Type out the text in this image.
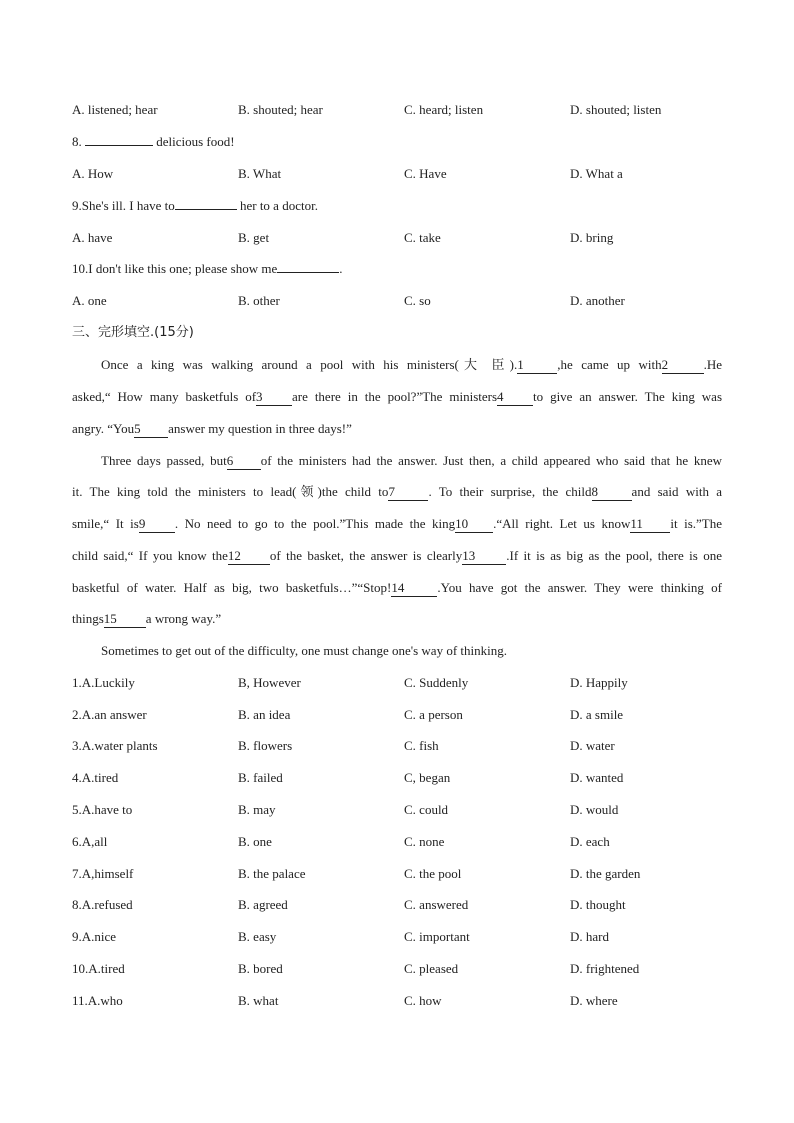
A. listened; hear	B. shouted; hear	C. heard; listen	D. shouted; listen
8.	delicious food!
A. How	B. What	C. Have	D. What a
9.She's ill. I have to	her to a doctor.
A. have	B. get	C. take	D. bring
10.I don't like this one; please show me	.
A. one	B. other	C. so	D. another
三、完形填空.(15分)
Once a king was walking around a pool with his ministers(大 臣).1	,he came up with2	.He
asked,“ How many basketfuls of3 are there in the pool?”The ministers4 to give an answer. The king was
angry. “You5 answer my question in three days!”
Three days passed, but6 of the ministers had the answer. Just then, a child appeared who said that he knew
it. The king told the ministers to lead(领)the child to7	. To their surprise, the child8	and said with a
smile,“ It is9 . No need to go to the pool.”This made the king10 .“All right. Let us know11 it is.”The
child said,“ If you know the12 of the basket, the answer is clearly13 .If it is as big as the pool, there is one
basketful of water. Half as big, two basketfuls…”“Stop!14	.You have got the answer. They were thinking of
things15 a wrong way.”
Sometimes to get out of the difficulty, one must change one's way of thinking.
1.A.Luckily	B, However	C. Suddenly	D. Happily
2.A.an answer	B. an idea	C. a person	D. a smile
3.A.water plants	B. flowers	C. fish	D. water
4.A.tired	B. failed	C, began	D. wanted
5.A.have to	B. may	C. could	D. would
6.A,all	B. one	C. none	D. each
7.A,himself	B. the palace	C. the pool	D. the garden
8.A.refused	B. agreed	C. answered	D. thought
9.A.nice	B. easy	C. important	D. hard
10.A.tired	B. bored	C. pleased	D. frightened
11.A.who	B. what	C. how	D. where
